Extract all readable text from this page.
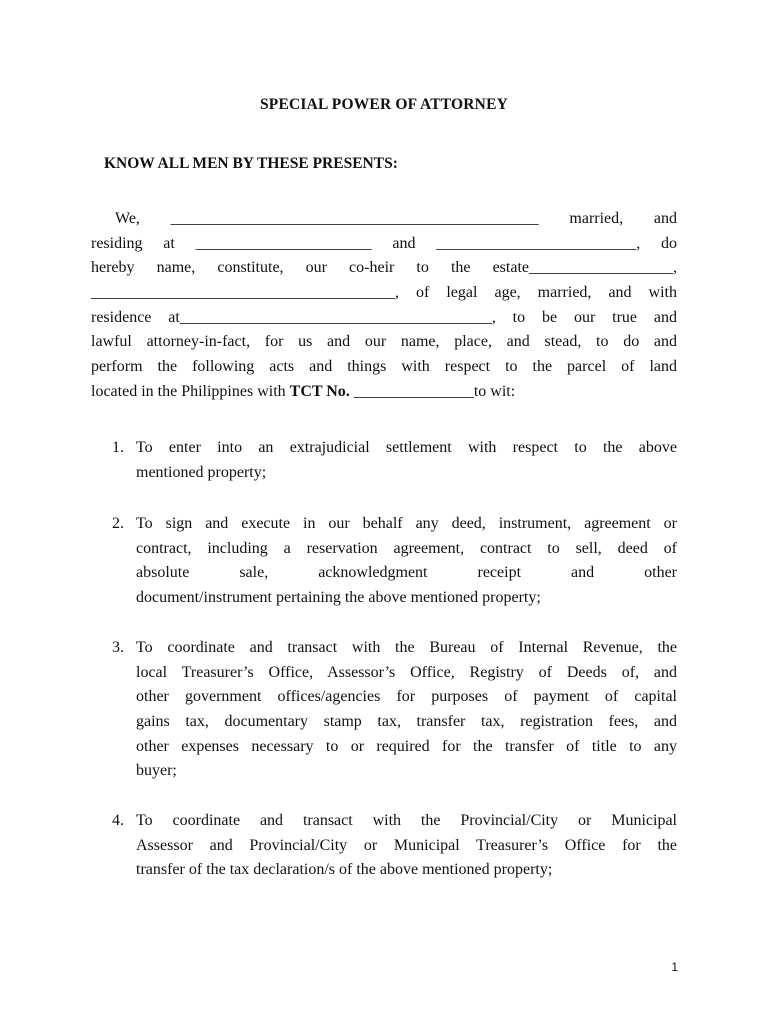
SPECIAL POWER OF ATTORNEY
KNOW ALL MEN BY THESE PRESENTS:
We, ______________________________________________ married, and
residing at ______________________ and _________________________, do
hereby name, constitute, our co-heir to the estate__________________,
______________________________________, of legal age, married, and with
residence at_______________________________________, to be our true and
lawful attorney-in-fact, for us and our name, place, and stead, to do and
perform the following acts and things with respect to the parcel of land
located in the Philippines with TCT No. _______________to wit:
1. To enter into an extrajudicial settlement with respect to the above
mentioned property;
2. To sign and execute in our behalf any deed, instrument, agreement or
contract, including a reservation agreement, contract to sell, deed of
absolute sale, acknowledgment receipt and other
document/instrument pertaining the above mentioned property;
3. To coordinate and transact with the Bureau of Internal Revenue, the
local Treasurer’s Office, Assessor’s Office, Registry of Deeds of, and
other government offices/agencies for purposes of payment of capital
gains tax, documentary stamp tax, transfer tax, registration fees, and
other expenses necessary to or required for the transfer of title to any
buyer;
4. To coordinate and transact with the Provincial/City or Municipal
Assessor and Provincial/City or Municipal Treasurer’s Office for the
transfer of the tax declaration/s of the above mentioned property;
1
